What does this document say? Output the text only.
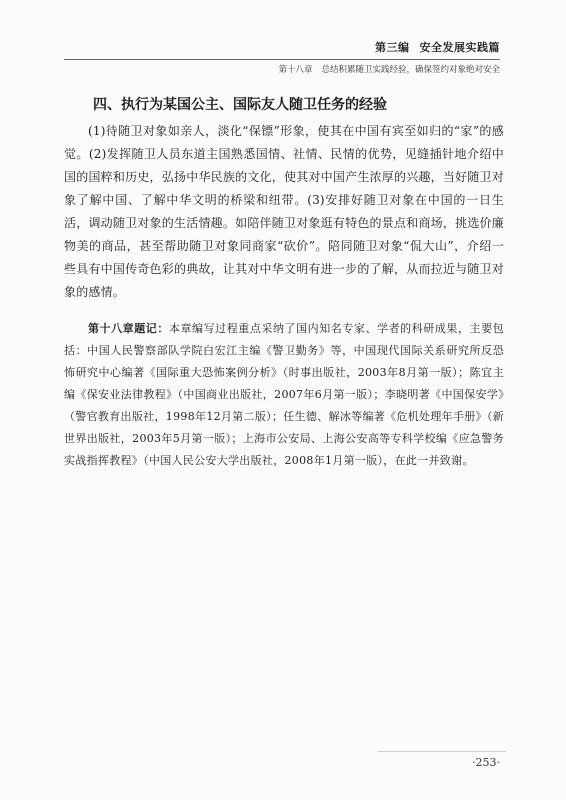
第三编 安全发展实践篇
第十八章 总结积累随卫实践经验，确保签约对象绝对安全
四、执行为某国公主、国际友人随卫任务的经验

(1)待随卫对象如亲人，淡化“保镖”形象，使其在中国有宾至如归的“家”的感觉。(2)发挥随卫人员东道主国熟悉国情、社情、民情的优势，见缝插针地介绍中国的国粹和历史，弘扬中华民族的文化，使其对中国产生浓厚的兴趣，当好随卫对象了解中国、了解中华文明的桥梁和纽带。(3)安排好随卫对象在中国的一日生活，调动随卫对象的生活情趣。如陪伴随卫对象逛有特色的景点和商场，挑选价廉物美的商品，甚至帮助随卫对象同商家“砍价”。陪同随卫对象“侃大山”，介绍一些具有中国传奇色彩的典故，让其对中华文明有进一步的了解，从而拉近与随卫对象的感情。

第十八章题记：本章编写过程重点采纳了国内知名专家、学者的科研成果，主要包括：中国人民警察部队学院白宏江主编《警卫勤务》等，中国现代国际关系研究所反恐怖研究中心编著《国际重大恐怖案例分析》（时事出版社，2003年8月第一版）；陈宜主编《保安业法律教程》（中国商业出版社，2007年6月第一版）；李晓明著《中国保安学》（警官教育出版社，1998年12月第二版）；任生德、解冰等编著《危机处理年手册》（新世界出版社，2003年5月第一版）；上海市公安局、上海公安高等专科学校编《应急警务实战指挥教程》（中国人民公安大学出版社，2008年1月第一版），在此一并致谢。

·253·
